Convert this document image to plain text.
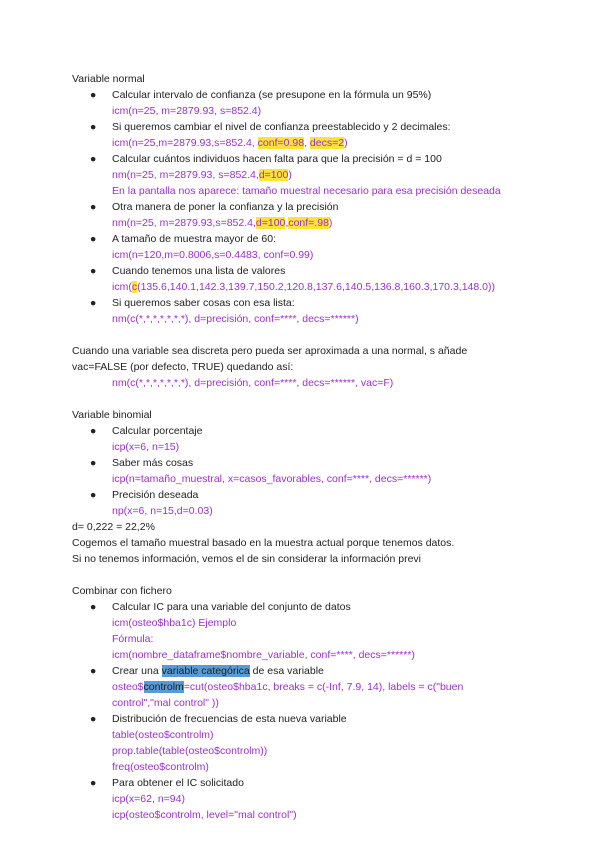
Variable normal
● Calcular intervalo de confianza (se presupone en la fórmula un 95%)
icm(n=25, m=2879.93, s=852.4)
● Si queremos cambiar el nivel de confianza preestablecido y 2 decimales:
icm(n=25,m=2879.93,s=852.4, conf=0.98, decs=2)
● Calcular cuántos individuos hacen falta para que la precisión = d = 100
nm(n=25, m=2879.93, s=852.4,d=100)
En la pantalla nos aparece: tamaño muestral necesario para esa precisión deseada
● Otra manera de poner la confianza y la precisión
nm(n=25, m=2879.93,s=852.4,d=100,conf=.98)
● A tamaño de muestra mayor de 60:
icm(n=120,m=0.8006,s=0.4483, conf=0.99)
● Cuando tenemos una lista de valores
icm(c(135.6,140.1,142.3,139.7,150.2,120.8,137.6,140.5,136.8,160.3,170.3,148.0))
● Si queremos saber cosas con esa lista:
nm(c(*,*,*,*,*,*,*), d=precisión, conf=****, decs=******)
Cuando una variable sea discreta pero pueda ser aproximada a una normal, s añade
vac=FALSE (por defecto, TRUE) quedando así:
nm(c(*,*,*,*,*,*,*), d=precisión, conf=****, decs=******, vac=F)
Variable binomial
● Calcular porcentaje
icp(x=6, n=15)
● Saber más cosas
icp(n=tamaño_muestral, x=casos_favorables, conf=****, decs=******)
● Precisión deseada
np(x=6, n=15,d=0.03)
d= 0,222 = 22,2%
Cogemos el tamaño muestral basado en la muestra actual porque tenemos datos.
Si no tenemos información, vemos el de sin considerar la información previ
Combinar con fichero
● Calcular IC para una variable del conjunto de datos
icm(osteo$hba1c) Ejemplo
Fórmula:
icm(nombre_dataframe$nombre_variable, conf=****, decs=******)
● Crear una variable categórica de esa variable
osteo$controlm=cut(osteo$hba1c, breaks = c(-Inf, 7.9, 14), labels = c("buen
control","mal control" ))
● Distribución de frecuencias de esta nueva variable
table(osteo$controlm)
prop.table(table(osteo$controlm))
freq(osteo$controlm)
● Para obtener el IC solicitado
icp(x=62, n=94)
icp(osteo$controlm, level="mal control")
